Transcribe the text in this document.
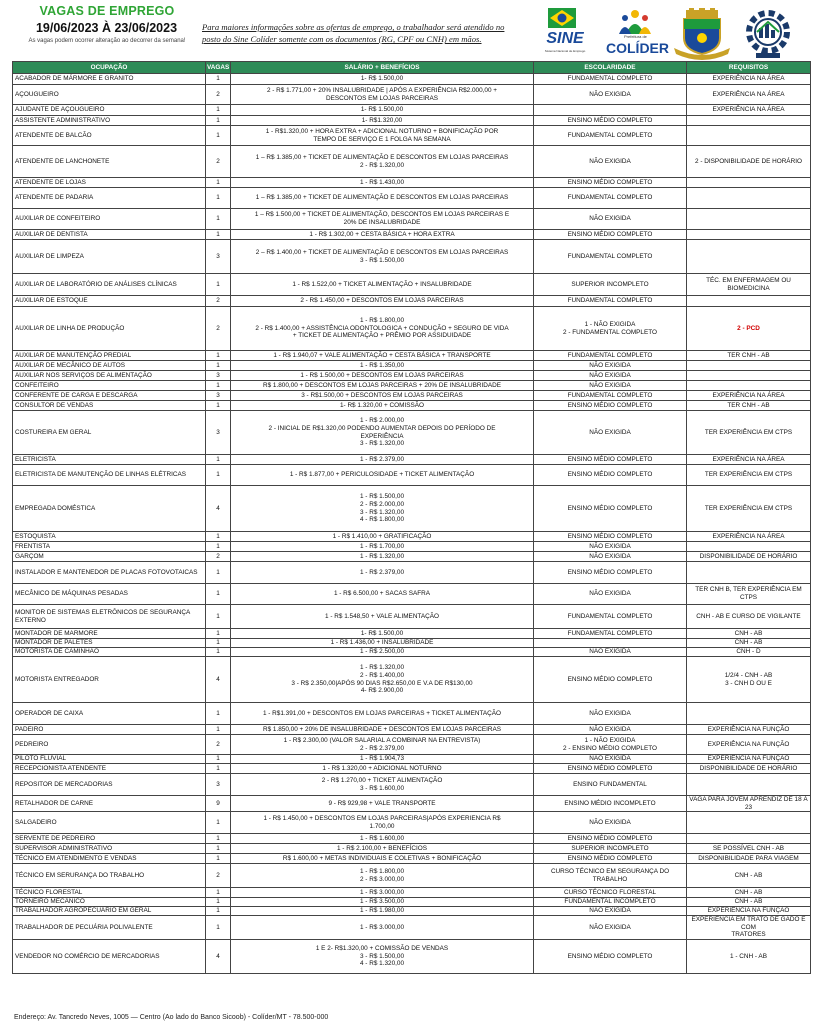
VAGAS DE EMPREGO
19/06/2023 À 23/06/2023
As vagas podem ocorrer alteração ao decorrer da semana!
Para maiores informações sobre as ofertas de emprego, o trabalhador será atendido no posto do Sine Colíder somente com os documentos (RG, CPF ou CNH) em mãos.	SINE
Sistema Nacional de Emprego
Prefeitura de
COLÍDER
OCUPAÇÃO	VAGAS	SALÁRIO + BENEFÍCIOS	ESCOLARIDADE	REQUISITOS
ACABADOR DE MÁRMORE E GRANITO	1	1- R$ 1.500,00	FUNDAMENTAL COMPLETO	EXPERIÊNCIA NA ÁREA
AÇOUGUEIRO	2	2 - R$ 1.771,00 + 20% INSALUBRIDADE | APÓS A EXPERIÊNCIA R$2.000,00 +
DESCONTOS EM LOJAS PARCEIRAS	NÃO EXIGIDA	EXPERIÊNCIA NA ÁREA
AJUDANTE DE AÇOUGUEIRO	1	1- R$ 1.500,00		EXPERIÊNCIA NA ÁREA
ASSISTENTE ADMINISTRATIVO	1	1- R$1.320,00	ENSINO MÉDIO COMPLETO	
ATENDENTE DE BALCÃO	1	1 - R$1.320,00 + HORA EXTRA + ADICIONAL NOTURNO + BONIFICAÇÃO POR
TEMPO DE SERVIÇO E 1 FOLGA NA SEMANA	FUNDAMENTAL COMPLETO	
ATENDENTE DE LANCHONETE	2	1 – R$ 1.385,00 + TICKET DE ALIMENTAÇÃO E DESCONTOS EM LOJAS PARCEIRAS
2 - R$ 1.320,00	NÃO EXIGIDA	2 - DISPONIBILIDADE DE HORÁRIO
ATENDENTE DE LOJAS	1	1 - R$ 1.430,00	ENSINO MÉDIO COMPLETO	
ATENDENTE DE PADARIA	1	1 – R$ 1.385,00 + TICKET DE ALIMENTAÇÃO E DESCONTOS EM LOJAS PARCEIRAS	FUNDAMENTAL COMPLETO	
AUXILIAR DE CONFEITEIRO	1	1 – R$ 1.500,00 + TICKET DE ALIMENTAÇÃO, DESCONTOS EM LOJAS PARCEIRAS E
20% DE INSALUBRIDADE	NÃO EXIGIDA	
AUXILIAR DE DENTISTA	1	1 - R$ 1.302,00 + CESTA BÁSICA + HORA EXTRA	ENSINO MÉDIO COMPLETO	
AUXILIAR DE LIMPEZA	3	2 – R$ 1.400,00 + TICKET DE ALIMENTAÇÃO E DESCONTOS EM LOJAS PARCEIRAS
3 - R$ 1.500,00	FUNDAMENTAL COMPLETO	
AUXILIAR DE LABORATÓRIO DE ANÁLISES CLÍNICAS	1	1 - R$ 1.522,00 + TICKET ALIMENTAÇÃO + INSALUBRIDADE	SUPERIOR INCOMPLETO	TÉC. EM ENFERMAGEM OU BIOMEDICINA
AUXILIAR DE ESTOQUE	2	2 - R$ 1.450,00 + DESCONTOS EM LOJAS PARCEIRAS	FUNDAMENTAL COMPLETO	
AUXILIAR DE LINHA DE PRODUÇÃO	2	1 - R$ 1.800,00
2 - R$ 1.400,00 + ASSISTÊNCIA ODONTOLOGICA + CONDUÇÃO + SEGURO DE VIDA
+ TICKET DE ALIMENTAÇÃO + PRÊMIO POR ASSIDUIDADE	1 - NÃO EXIGIDA
2 - FUNDAMENTAL COMPLETO	2 - PCD
AUXILIAR DE MANUTENÇÃO PREDIAL	1	1 - R$ 1.940,07 + VALE ALIMENTAÇÃO + CESTA BÁSICA + TRANSPORTE	FUNDAMENTAL COMPLETO	TER CNH - AB
AUXILIAR DE MECÂNICO DE AUTOS	1	1 - R$ 1.350,00	NÃO EXIGIDA	
AUXILIAR NOS SERVIÇOS DE ALIMENTAÇÃO	3	1 - R$ 1.500,00 + DESCONTOS EM LOJAS PARCEIRAS	NÃO EXIGIDA	
CONFEITEIRO	1	R$ 1.800,00 + DESCONTOS EM LOJAS PARCEIRAS + 20% DE INSALUBRIDADE	NÃO EXIGIDA	
CONFERENTE DE CARGA E DESCARGA	3	3 - R$1.500,00 + DESCONTOS EM LOJAS PARCEIRAS	FUNDAMENTAL COMPLETO	EXPERIÊNCIA NA ÁREA
CONSULTOR DE VENDAS	1	1- R$ 1.320,00 + COMISSÃO	ENSINO MÉDIO COMPLETO	TER CNH - AB
COSTUREIRA EM GERAL	3	1 - R$ 2.000,00
2 - INICIAL DE R$1.320,00 PODENDO AUMENTAR DEPOIS DO PERÍODO DE
EXPERIÊNCIA
3 - R$ 1.320,00	NÃO EXIGIDA	TER EXPERIÊNCIA EM CTPS
ELETRICISTA	1	1 - R$ 2.379,00	ENSINO MÉDIO COMPLETO	EXPERIÊNCIA NA ÁREA
ELETRICISTA DE MANUTENÇÃO DE LINHAS ELÉTRICAS	1	1 - R$ 1.877,00 + PERICULOSIDADE + TICKET ALIMENTAÇÃO	ENSINO MÉDIO COMPLETO	TER EXPERIÊNCIA EM CTPS
EMPREGADA DOMÉSTICA	4	1 - R$ 1.500,00
2 - R$ 2.000,00
3 - R$ 1.320,00
4 - R$ 1.800,00	ENSINO MÉDIO COMPLETO	TER EXPERIÊNCIA EM CTPS
ESTOQUISTA	1	1 - R$ 1.410,00 + GRATIFICAÇÃO	ENSINO MÉDIO COMPLETO	EXPERIÊNCIA NA ÁREA
FRENTISTA	1	1 - R$ 1.700,00	NÃO EXIGIDA	
GARÇOM	2	1 - R$ 1.320,00	NÃO EXIGIDA	DISPONIBILIDADE DE HORÁRIO
INSTALADOR E MANTENEDOR DE PLACAS FOTOVOTAICAS	1	1 - R$ 2.379,00	ENSINO MÉDIO COMPLETO	
MECÂNICO DE MÁQUINAS PESADAS	1	1 - R$ 6.500,00 + SACAS SAFRA	NÃO EXIGIDA	TER CNH B, TER EXPERIÊNCIA EM CTPS
MONITOR DE SISTEMAS ELETRÔNICOS DE SEGURANÇA EXTERNO	1	1 - R$ 1.548,50 + VALE ALIMENTAÇÃO	FUNDAMENTAL COMPLETO	CNH - AB E CURSO DE VIGILANTE
MONTADOR DE MARMORE	1	1- R$ 1.500,00	FUNDAMENTAL COMPLETO	CNH - AB
MONTADOR DE PALETES	1	1 - R$ 1.436,00 + INSALUBRIDADE		CNH - AB
MOTORISTA DE CAMINHÃO	1	1 - R$ 2.500,00	NÃO EXIGIDA	CNH - D
MOTORISTA ENTREGADOR	4	1 - R$ 1.320,00
2 - R$ 1.400,00
3 - R$ 2.350,00|APÓS 90 DIAS R$2.650,00 E V.A DE R$130,00
4- R$ 2.900,00	ENSINO MÉDIO COMPLETO	1/2/4 - CNH - AB
3 - CNH D OU E
OPERADOR DE CAIXA	1	1 - R$1.391,00 + DESCONTOS EM LOJAS PARCEIRAS + TICKET ALIMENTAÇÃO	NÃO EXIGIDA	
PADEIRO	1	R$ 1.850,00 + 20% DE INSALUBRIDADE + DESCONTOS EM LOJAS PARCEIRAS	NÃO EXIGIDA	EXPERIÊNCIA NA FUNÇÃO
PEDREIRO	2	1 - R$ 2.300,00 (VALOR SALARIAL A COMBINAR NA ENTREVISTA)
2 - R$ 2.379,00	1 - NÃO EXIGIDA
2 - ENSINO MÉDIO COMPLETO	EXPERIÊNCIA NA FUNÇÃO
PILOTO FLUVIAL	1	1 - R$ 1.904,73	NÃO EXIGIDA	EXPERIÊNCIA NA FUNÇÃO
RECEPCIONISTA ATENDENTE	1	1 - R$ 1.320,00 + ADICIONAL NOTURNO	ENSINO MÉDIO COMPLETO	DISPONIBILIDADE DE HORÁRIO
REPOSITOR DE MERCADORIAS	3	2 - R$ 1.270,00 + TICKET ALIMENTAÇÃO
3 - R$ 1.600,00	ENSINO FUNDAMENTAL	
RETALHADOR DE CARNE	9	9 - R$ 929,98 + VALE TRANSPORTE	ENSINO MÉDIO INCOMPLETO	VAGA PARA JOVEM APRENDIZ DE 18 À 23
SALGADEIRO	1	1 - R$ 1.450,00 + DESCONTOS EM LOJAS PARCEIRAS|APÓS EXPERIENCIA R$
1.700,00	NÃO EXIGIDA	
SERVENTE DE PEDREIRO	1	1 - R$ 1.600,00	ENSINO MÉDIO COMPLETO	
SUPERVISOR ADMINISTRATIVO	1	1 - R$ 2.100,00 + BENEFÍCIOS	SUPERIOR INCOMPLETO	SE POSSÍVEL CNH - AB
TÉCNICO EM ATENDIMENTO E VENDAS	1	R$ 1.600,00 + METAS INDIVIDUAIS E COLETIVAS + BONIFICAÇÃO	ENSINO MÉDIO COMPLETO	DISPONIBILIDADE PARA VIAGEM
TÉCNICO EM SERURANÇA DO TRABALHO	2	1 - R$ 1.800,00
2 - R$ 3.000,00	CURSO TÉCNICO EM SEGURANÇA DO
TRABALHO	CNH - AB
TÉCNICO FLORESTAL	1	1 - R$ 3.000,00	CURSO TÉCNICO FLORESTAL	CNH - AB
TORNEIRO MECÂNICO	1	1 - R$ 3.500,00	FUNDAMENTAL INCOMPLETO	CNH - AB
TRABALHADOR AGROPECUÁRIO EM GERAL	1	1 - R$ 1.980,00	NÃO EXIGIDA	EXPERIÊNCIA NA FUNÇÃO
TRABALHADOR DE PECUÁRIA POLIVALENTE	1	1 - R$ 3.000,00	NÃO EXIGIDA	EXPERIÊNCIA EM TRATO DE GADO E COM
TRATORES
VENDEDOR NO COMÉRCIO DE MERCADORIAS	4	1 E 2- R$1.320,00 + COMISSÃO DE VENDAS
3 - R$ 1.500,00
4 - R$ 1.320,00	ENSINO MÉDIO COMPLETO	1 - CNH - AB
Endereço: Av. Tancredo Neves, 1005 — Centro (Ao lado do Banco Sicoob) - Colíder/MT - 78.500-000
